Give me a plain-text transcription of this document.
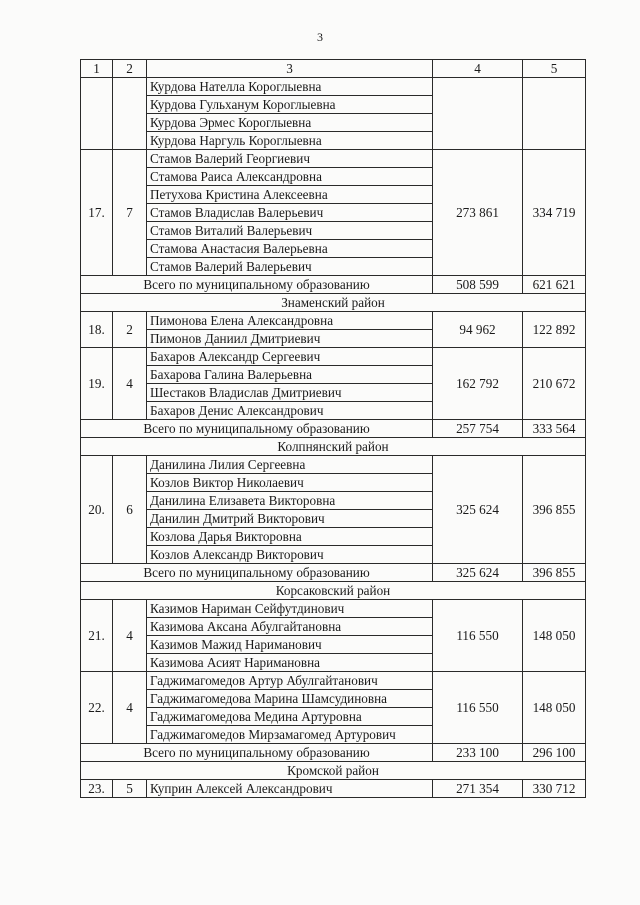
3
1	2	3	4	5
		Курдова Нателла Короглыевна		
		Курдова Гульханум Короглыевна		
		Курдова Эрмес Короглыевна		
		Курдова Наргуль Короглыевна		
17.	7	Стамов Валерий Георгиевич	273 861	334 719
		Стамова Раиса Александровна		
		Петухова Кристина Алексеевна		
		Стамов Владислав Валерьевич		
		Стамов Виталий Валерьевич		
		Стамова Анастасия Валерьевна		
		Стамов Валерий Валерьевич		
Всего по муниципальному образованию			508 599	621 621
Знаменский район				
18.	2	Пимонова Елена Александровна	94 962	122 892
		Пимонов Даниил Дмитриевич		
19.	4	Бахаров Александр Сергеевич	162 792	210 672
		Бахарова Галина Валерьевна		
		Шестаков Владислав Дмитриевич		
		Бахаров Денис Александрович		
Всего по муниципальному образованию			257 754	333 564
Колпнянский район				
20.	6	Данилина Лилия Сергеевна	325 624	396 855
		Козлов Виктор Николаевич		
		Данилина Елизавета Викторовна		
		Данилин Дмитрий Викторович		
		Козлова Дарья Викторовна		
		Козлов Александр Викторович		
Всего по муниципальному образованию			325 624	396 855
Корсаковский район				
21.	4	Казимов Нариман Сейфутдинович	116 550	148 050
		Казимова Аксана Абулгайтановна		
		Казимов Мажид Нариманович		
		Казимова Асият Наримановна		
22.	4	Гаджимагомедов Артур Абулгайтанович	116 550	148 050
		Гаджимагомедова Марина Шамсудиновна		
		Гаджимагомедова Медина Артуровна		
		Гаджимагомедов Мирзамагомед Артурович		
Всего по муниципальному образованию			233 100	296 100
Кромской район				
23.	5	Куприн Алексей Александрович	271 354	330 712
